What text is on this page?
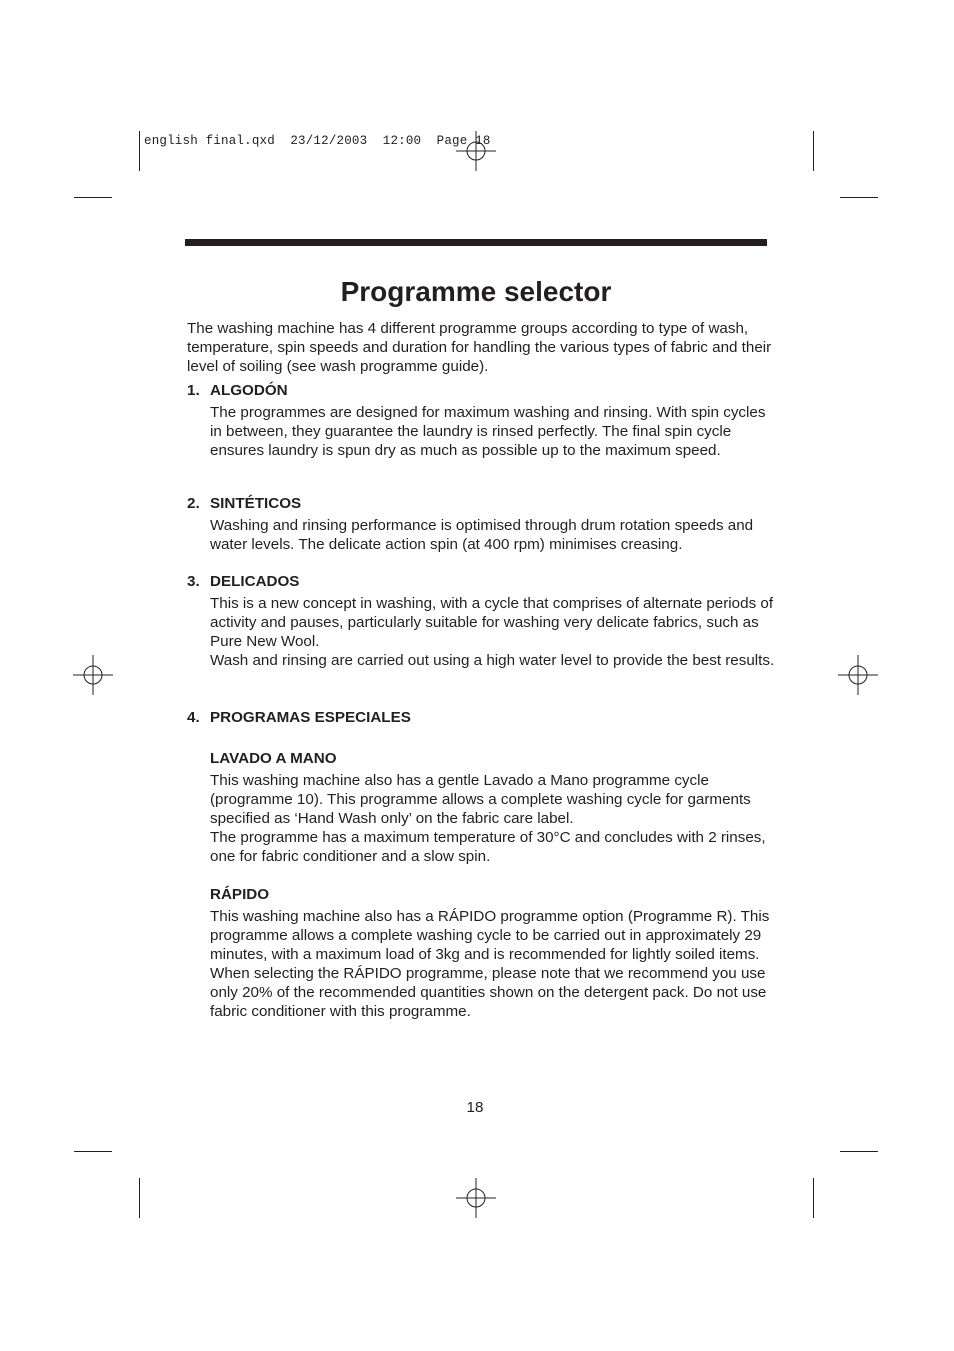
english final.qxd  23/12/2003  12:00  Page 18
Programme selector

The washing machine has 4 different programme groups according to type of wash, temperature, spin speeds and duration for handling the various types of fabric and their level of soiling (see wash programme guide).

1. ALGODÓN

The programmes are designed for maximum washing and rinsing. With spin cycles in between, they guarantee the laundry is rinsed perfectly. The final spin cycle ensures laundry is spun dry as much as possible up to the maximum speed.

2. SINTÉTICOS

Washing and rinsing performance is optimised through drum rotation speeds and water levels. The delicate action spin (at 400 rpm) minimises creasing.

3. DELICADOS

This is a new concept in washing, with a cycle that comprises of alternate periods of activity and pauses, particularly suitable for washing very delicate fabrics, such as Pure New Wool.

Wash and rinsing are carried out using a high water level to provide the best results.

4. PROGRAMAS ESPECIALES
LAVADO A MANO

This washing machine also has a gentle Lavado a Mano programme cycle (programme 10). This programme allows a complete washing cycle for garments specified as ‘Hand Wash only’ on the fabric care label.

The programme has a maximum temperature of 30°C and concludes with 2 rinses, one for fabric conditioner and a slow spin.

RÁPIDO

This washing machine also has a RÁPIDO programme option (Programme R). This programme allows a complete washing cycle to be carried out in approximately 29 minutes, with a maximum load of 3kg and is recommended for lightly soiled items. When selecting the RÁPIDO programme, please note that we recommend you use only 20% of the recommended quantities shown on the detergent pack. Do not use fabric conditioner with this programme.

18
